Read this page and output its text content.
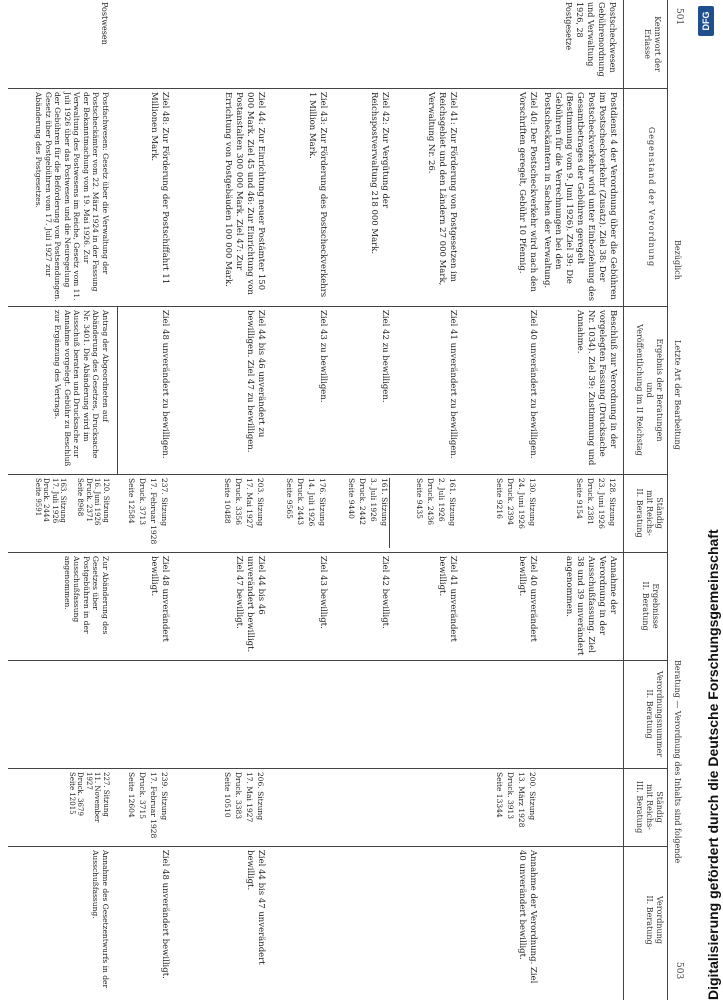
501
503
Bezüglich
Letzte Art der Bearbeitung
Beratung — Verordnung des Inhalts sind folgende
Kennwort der
Erlasse
Gegenstand der Verordnung
Ergebnis der Beratungen
und
Veröffentlichung im II Reichstag
Ständig
mit Reichs-
II. Beratung
Ergebnisse
II. Beratung
Verordnungsnummer
II. Beratung
Ständig
mit Reichs-
III. Beratung
Verordnung
II. Beratung
Postscheckwesen
Gebührenordnung
und Verwaltung
1926, 28
Postgesetze
Postdienst 4 der Verordnung über die Gebühren im Postscheckverkehr (Zusatz). Ziel 38: Der Postscheckverkehr wird unter Einbeziehung des Gesamtbetrages der Gebühren geregelt (Bestimmung vom 9. Juni 1926). Ziel 39: Die Gebühren für die Verrechnungen bei den Postscheckämtern in Sachen der Verwaltung.
Beschluß zur Verordnung in der vorgelegten Fassung (Drucksache Nr. 1034). Ziel 39: Zustimmung und Annahme.
128. Sitzung
23. Juni 1926
Druck. 2381
Seite 9154
Annahme der Verordnung in der Ausschußfassung. Ziel 38 und 39 unverändert angenommen.
Ziel 40: Der Postscheckverkehr wird nach den Vorschriften geregelt, Gebühr 10 Pfennig.
Ziel 40 unverändert zu bewilligen.
130. Sitzung
24. Juni 1926
Druck. 2394
Seite 9216
Ziel 40 unverändert bewilligt.
200. Sitzung
13. März 1928
Druck. 3913
Seite 13344
Annahme der Verordnung. Ziel 40 unverändert bewilligt.
Ziel 41: Zur Förderung von Postgesetzen im Reichsgebiet und den Ländern 27 000 Mark, Verwaltung Nr. 26.
Ziel 41 unverändert zu bewilligen.
161. Sitzung
2. Juli 1926
Druck. 2436
Seite 9435
Ziel 41 unverändert bewilligt.
Ziel 42: Zur Vergütung der Reichspostverwaltung 218 000 Mark.
Ziel 42 zu bewilligen.
161. Sitzung
3. Juli 1926
Druck. 2442
Seite 9440
Ziel 42 bewilligt.
Ziel 43: Zur Förderung des Postscheckverkehrs 1 Million Mark.
Ziel 43 zu bewilligen.
176. Sitzung
14. Juli 1926
Druck. 2443
Seite 9565
Ziel 43 bewilligt.
Ziel 44: Zur Einrichtung neuer Postämter 150 000 Mark. Ziel 45 und 46: Zur Einrichtung von Postanstalten 300 000 Mark. Ziel 47: Zur Errichtung von Postgebäuden 100 000 Mark.
Ziel 44 bis 46 unverändert zu bewilligen. Ziel 47 zu bewilligen.
203. Sitzung
17. Mai 1927
Druck. 3356
Seite 10488
Ziel 44 bis 46 unverändert bewilligt. Ziel 47 bewilligt.
206. Sitzung
17. Mai 1927
Druck. 3383
Seite 10510
Ziel 44 bis 47 unverändert bewilligt.
Ziel 48: Zur Förderung der Postschiffahrt 11 Millionen Mark.
Ziel 48 unverändert zu bewilligen.
237. Sitzung
17. Februar 1928
Druck. 3713
Seite 12584
Ziel 48 unverändert bewilligt.
239. Sitzung
17. Februar 1928
Druck. 3715
Seite 12604
Ziel 48 unverändert bewilligt.
Postwesen
Postfachwesen: Gesetz über die Verwaltung der Postscheckämter vom 22. März 1924 in der Fassung der Bekanntmachung vom 19. Mai 1926. Zur Verwaltung des Postwesens im Reiche, Gesetz vom 11. Juli 1926 über das Postwesen und die Neuregelung der Gebühren für die Beförderung von Postsendungen. Gesetz über Postgebühren vom 17. Juli 1927 zur Abänderung des Postgesetzes.
Antrag der Abgeordneten auf Abänderung des Gesetzes, Drucksache Nr. 3401. Die Abänderung wird im Ausschuß beraten und Drucksache zur Annahme vorgelegt. Gebühr zu Beschluß zur Ergänzung des Vertrags.
120. Sitzung
16. Juni 1926
Druck. 2371
Seite 8968

163. Sitzung
17. Juli 1926
Druck. 2444
Seite 9591
Zur Abänderung des Gesetzes über Postgebühren in der Ausschußfassung angenommen.
227. Sitzung
11. November 1927
Druck. 3679
Seite 12015
Annahme des Gesetzentwurfs in der Ausschußfassung.
DFG
Digitalisierung gefördert durch die Deutsche Forschungsgemeinschaft
